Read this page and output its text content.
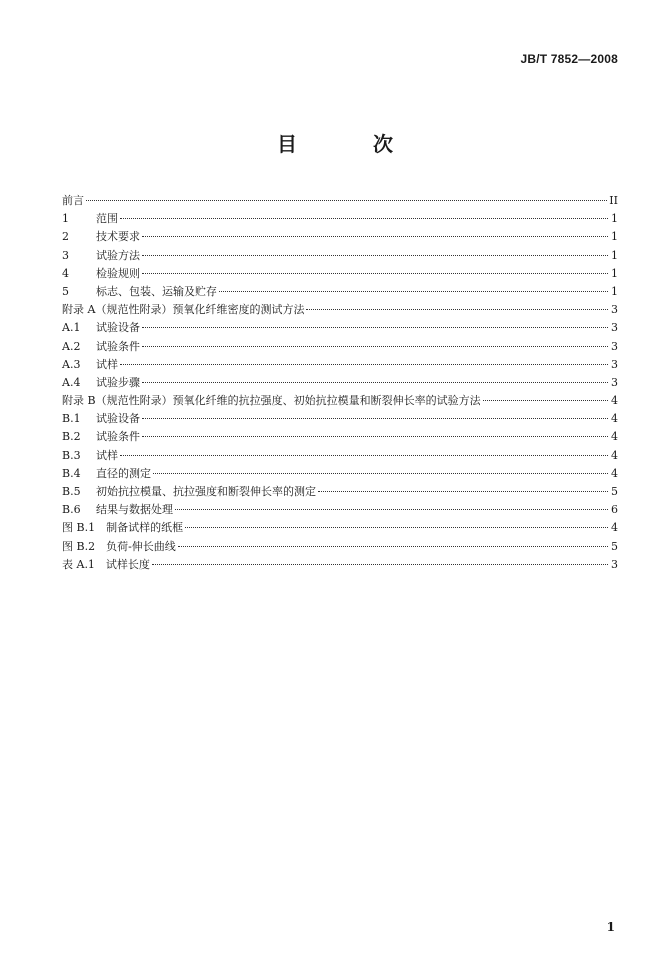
JB/T 7852—2008
目　次
前言	II
1	范围	1
2	技术要求	1
3	试验方法	1
4	检验规则	1
5	标志、包装、运输及贮存	1
附录 A（规范性附录）预氧化纤维密度的测试方法	3
A.1	试验设备	3
A.2	试验条件	3
A.3	试样	3
A.4	试验步骤	3
附录 B（规范性附录）预氧化纤维的抗拉强度、初始抗拉模量和断裂伸长率的试验方法	4
B.1	试验设备	4
B.2	试验条件	4
B.3	试样	4
B.4	直径的测定	4
B.5	初始抗拉模量、抗拉强度和断裂伸长率的测定	5
B.6	结果与数据处理	6
图 B.1　制备试样的纸框	4
图 B.2　负荷-伸长曲线	5
表 A.1　试样长度	3
1
